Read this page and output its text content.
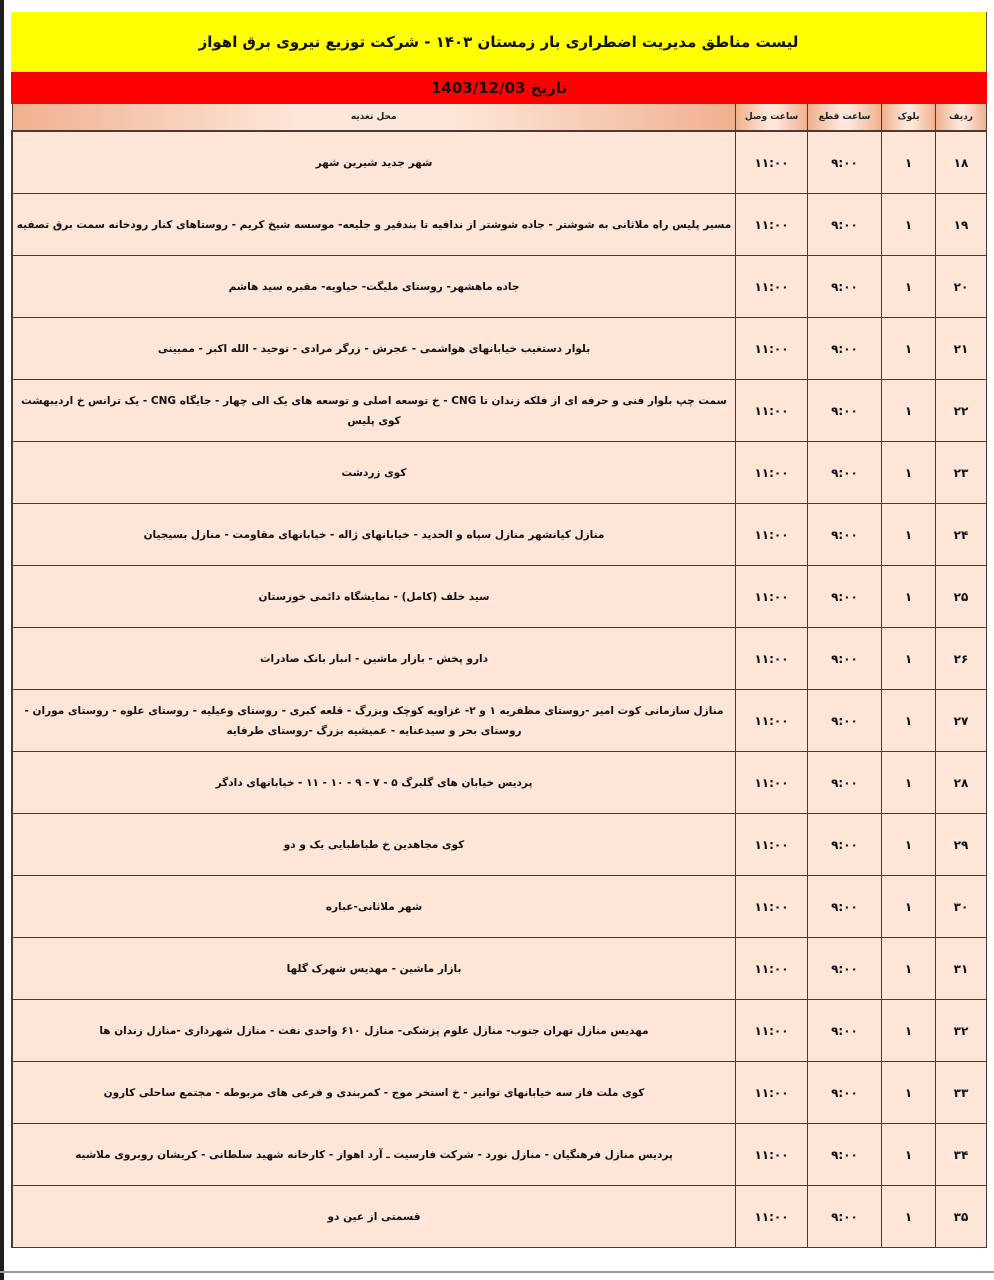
لیست مناطق مدیریت اضطراری بار زمستان ۱۴۰۳ - شرکت توزیع نیروی برق اهواز
تاریخ 1403/12/03
ردیف	بلوک	ساعت قطع	ساعت وصل	محل تغذیه
۱۸	۱	۹:۰۰	۱۱:۰۰	شهر جدید شیرین شهر
۱۹	۱	۹:۰۰	۱۱:۰۰	مسیر پلیس راه ملاثانی به شوشتر - جاده شوشتر از ندافیه تا بندقیر و جلیعه- موسسه شیخ کریم - روستاهای کنار رودخانه سمت برق تصفیه
۲۰	۱	۹:۰۰	۱۱:۰۰	جاده ماهشهر- روستای ملیگت- حیاویه- مقبره سید هاشم
۲۱	۱	۹:۰۰	۱۱:۰۰	بلوار دستغیب خیابانهای هواشمی - عجرش - زرگر مرادی - توحید - الله اکبر - ممبینی
۲۲	۱	۹:۰۰	۱۱:۰۰	سمت چپ بلوار فنی و حرفه ای از فلکه زندان تا CNG - خ توسعه اصلی و توسعه های یک الی چهار - جایگاه CNG - یک ترانس خ اردیبهشت کوی پلیس
۲۳	۱	۹:۰۰	۱۱:۰۰	کوی زردشت
۲۴	۱	۹:۰۰	۱۱:۰۰	منازل کیانشهر منازل سپاه و الحدید - خیابانهای ژاله - خیابانهای مقاومت - منازل بسیجیان
۲۵	۱	۹:۰۰	۱۱:۰۰	سید خلف (کامل) - نمایشگاه دائمی خوزستان
۲۶	۱	۹:۰۰	۱۱:۰۰	دارو پخش - بازار ماشین - انبار بانک صادرات
۲۷	۱	۹:۰۰	۱۱:۰۰	منازل سازمانی کوت امیر -روستای مظفریه ۱ و ۲- غزاویه کوچک وبزرگ - قلعه کبری - روستای وعیلیه - روستای علوه - روستای موران - روستای بحر و سیدعنایه - عمیشیه بزرگ -روستای طرفایه
۲۸	۱	۹:۰۰	۱۱:۰۰	پردیس خیابان های گلبرگ ۵ - ۷ - ۹ - ۱۰ - ۱۱ - خیابانهای دادگر
۲۹	۱	۹:۰۰	۱۱:۰۰	کوی مجاهدین خ طباطبایی یک و دو
۳۰	۱	۹:۰۰	۱۱:۰۰	شهر ملاثانی-عباره
۳۱	۱	۹:۰۰	۱۱:۰۰	بازار ماشین - مهدیس شهرک گلها
۳۲	۱	۹:۰۰	۱۱:۰۰	مهدیس منازل تهران جنوب- منازل علوم پزشکی- منازل ۶۱۰ واحدی نفت - منازل شهرداری -منازل زندان ها
۳۳	۱	۹:۰۰	۱۱:۰۰	کوی ملت فاز سه خیابانهای توانیر - خ استخر موج - کمربندی و فرعی های مربوطه - مجتمع ساحلی کارون
۳۴	۱	۹:۰۰	۱۱:۰۰	پردیس منازل فرهنگیان - منازل نورد - شرکت فارسیت ـ آرد اهواز - کارخانه شهید سلطانی - کریشان روبروی ملاشیه
۳۵	۱	۹:۰۰	۱۱:۰۰	قسمتی از عین دو
